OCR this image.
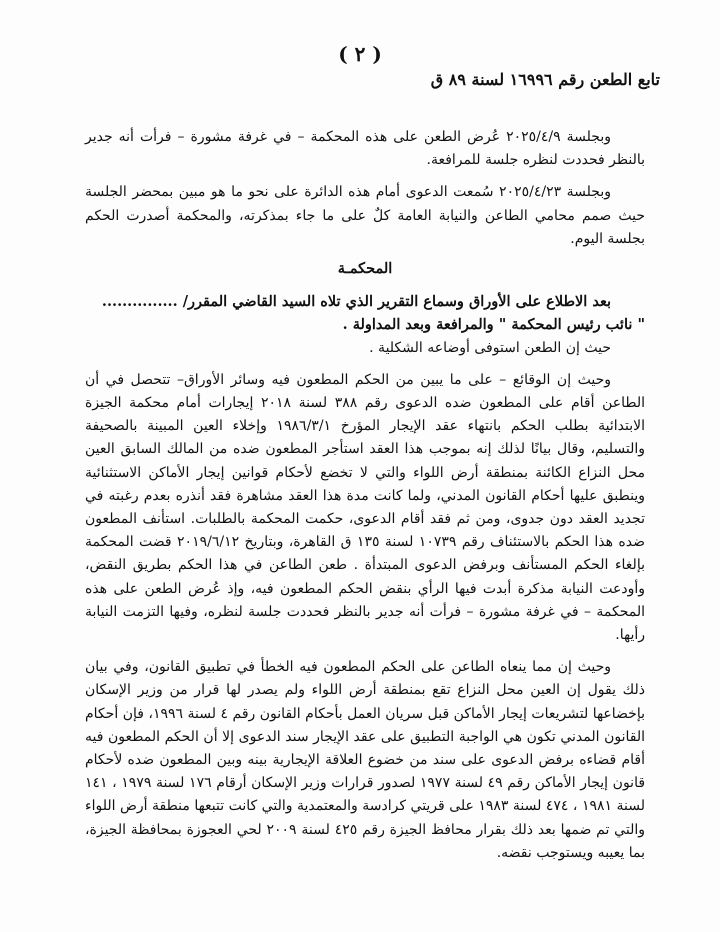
( ٢ )
تابع الطعن رقم ١٦٩٩٦ لسنة ٨٩ ق

وبجلسة ٢٠٢٥/٤/٩ عُرض الطعن على هذه المحكمة – في غرفة مشورة – فرأت أنه جدير بالنظر فحددت لنظره جلسة للمرافعة.

وبجلسة ٢٠٢٥/٤/٢٣ سُمعت الدعوى أمام هذه الدائرة على نحو ما هو مبين بمحضر الجلسة حيث صمم محامي الطاعن والنيابة العامة كلٌ على ما جاء بمذكرته، والمحكمة أصدرت الحكم بجلسة اليوم.

المحكمـة

بعد الاطلاع على الأوراق وسماع التقرير الذي تلاه السيد القاضي المقرر/ ...............

" نائب رئيس المحكمة " والمرافعة وبعد المداولة .

حيث إن الطعن استوفى أوضاعه الشكلية .

وحيث إن الوقائع – على ما يبين من الحكم المطعون فيه وسائر الأوراق– تتحصل في أن الطاعن أقام على المطعون ضده الدعوى رقم ٣٨٨ لسنة ٢٠١٨ إيجارات أمام محكمة الجيزة الابتدائية بطلب الحكم بانتهاء عقد الإيجار المؤرخ ١٩٨٦/٣/١ وإخلاء العين المبينة بالصحيفة والتسليم، وقال بيانًا لذلك إنه بموجب هذا العقد استأجر المطعون ضده من المالك السابق العين محل النزاع الكائنة بمنطقة أرض اللواء والتي لا تخضع لأحكام قوانين إيجار الأماكن الاستثنائية وينطبق عليها أحكام القانون المدني، ولما كانت مدة هذا العقد مشاهرة فقد أنذره بعدم رغبته في تجديد العقد دون جدوى، ومن ثم فقد أقام الدعوى، حكمت المحكمة بالطلبات. استأنف المطعون ضده هذا الحكم بالاستئناف رقم ١٠٧٣٩ لسنة ١٣٥ ق القاهرة، وبتاريخ ٢٠١٩/٦/١٢ قضت المحكمة بإلغاء الحكم المستأنف وبرفض الدعوى المبتدأة . طعن الطاعن في هذا الحكم بطريق النقض، وأودعت النيابة مذكرة أبدت فيها الرأي بنقض الحكم المطعون فيه، وإذ عُرض الطعن على هذه المحكمة – في غرفة مشورة – فرأت أنه جدير بالنظر فحددت جلسة لنظره، وفيها التزمت النيابة رأيها.

وحيث إن مما ينعاه الطاعن على الحكم المطعون فيه الخطأ في تطبيق القانون، وفي بيان ذلك يقول إن العين محل النزاع تقع بمنطقة أرض اللواء ولم يصدر لها قرار من وزير الإسكان بإخضاعها لتشريعات إيجار الأماكن قبل سريان العمل بأحكام القانون رقم ٤ لسنة ١٩٩٦، فإن أحكام القانون المدني تكون هي الواجبة التطبيق على عقد الإيجار سند الدعوى إلا أن الحكم المطعون فيه أقام قضاءه برفض الدعوى على سند من خضوع العلاقة الإيجارية بينه وبين المطعون ضده لأحكام قانون إيجار الأماكن رقم ٤٩ لسنة ١٩٧٧ لصدور قرارات وزير الإسكان أرقام ١٧٦ لسنة ١٩٧٩ ، ١٤١ لسنة ١٩٨١ ، ٤٧٤ لسنة ١٩٨٣ على قريتي كرادسة والمعتمدية والتي كانت تتبعها منطقة أرض اللواء والتي تم ضمها بعد ذلك بقرار محافظ الجيزة رقم ٤٢٥ لسنة ٢٠٠٩ لحي العجوزة بمحافظة الجيزة، بما يعيبه ويستوجب نقضه.
